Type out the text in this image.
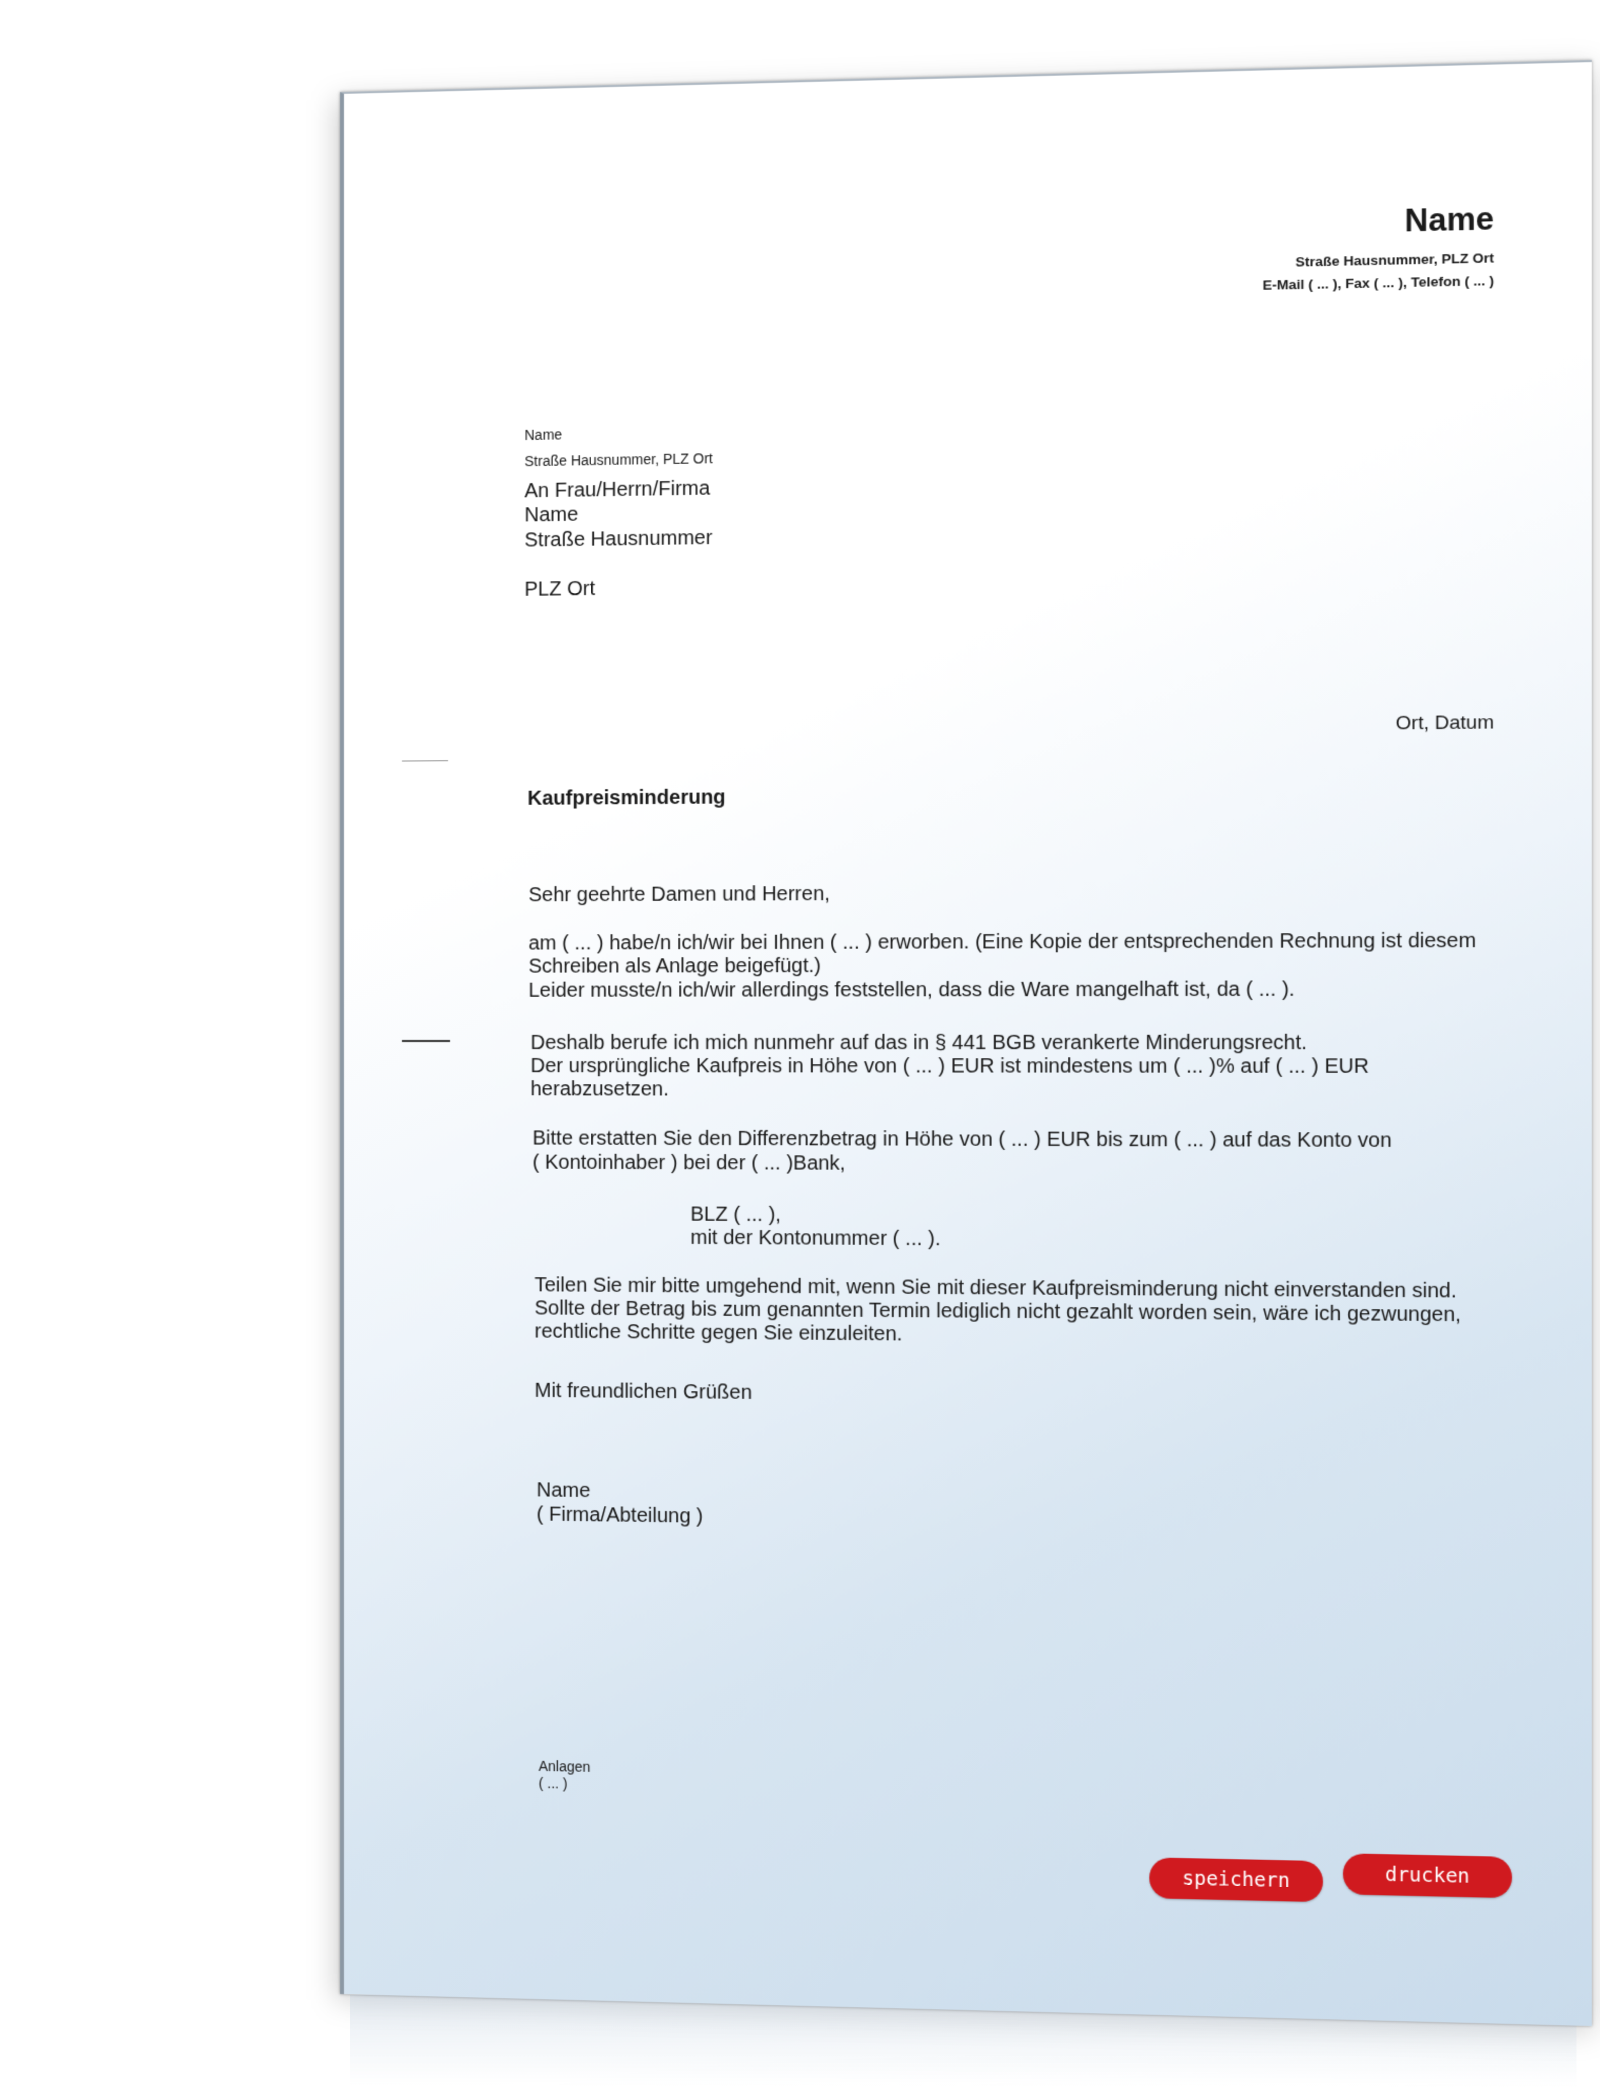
Name
Straße Hausnummer, PLZ Ort
E-Mail ( ... ), Fax ( ... ), Telefon ( ... )
Name
Straße Hausnummer, PLZ Ort
An Frau/Herrn/Firma
Name
Straße Hausnummer
PLZ Ort
Ort, Datum
Kaufpreisminderung
Sehr geehrte Damen und Herren,
am ( ... ) habe/n ich/wir bei Ihnen ( ... ) erworben. (Eine Kopie der entsprechenden Rechnung ist diesem
Schreiben als Anlage beigefügt.)
Leider musste/n ich/wir allerdings feststellen, dass die Ware mangelhaft ist, da ( ... ).
Deshalb berufe ich mich nunmehr auf das in § 441 BGB verankerte Minderungsrecht.
Der ursprüngliche Kaufpreis in Höhe von ( ... ) EUR ist mindestens um ( ... )% auf ( ... ) EUR
herabzusetzen.
Bitte erstatten Sie den Differenzbetrag in Höhe von ( ... ) EUR bis zum ( ... ) auf das Konto von
( Kontoinhaber ) bei der ( ... )Bank,
BLZ ( ... ),
mit der Kontonummer ( ... ).
Teilen Sie mir bitte umgehend mit, wenn Sie mit dieser Kaufpreisminderung nicht einverstanden sind.
Sollte der Betrag bis zum genannten Termin lediglich nicht gezahlt worden sein, wäre ich gezwungen,
rechtliche Schritte gegen Sie einzuleiten.
Mit freundlichen Grüßen
Name
( Firma/Abteilung )
Anlagen
( ... )
speichern	drucken
